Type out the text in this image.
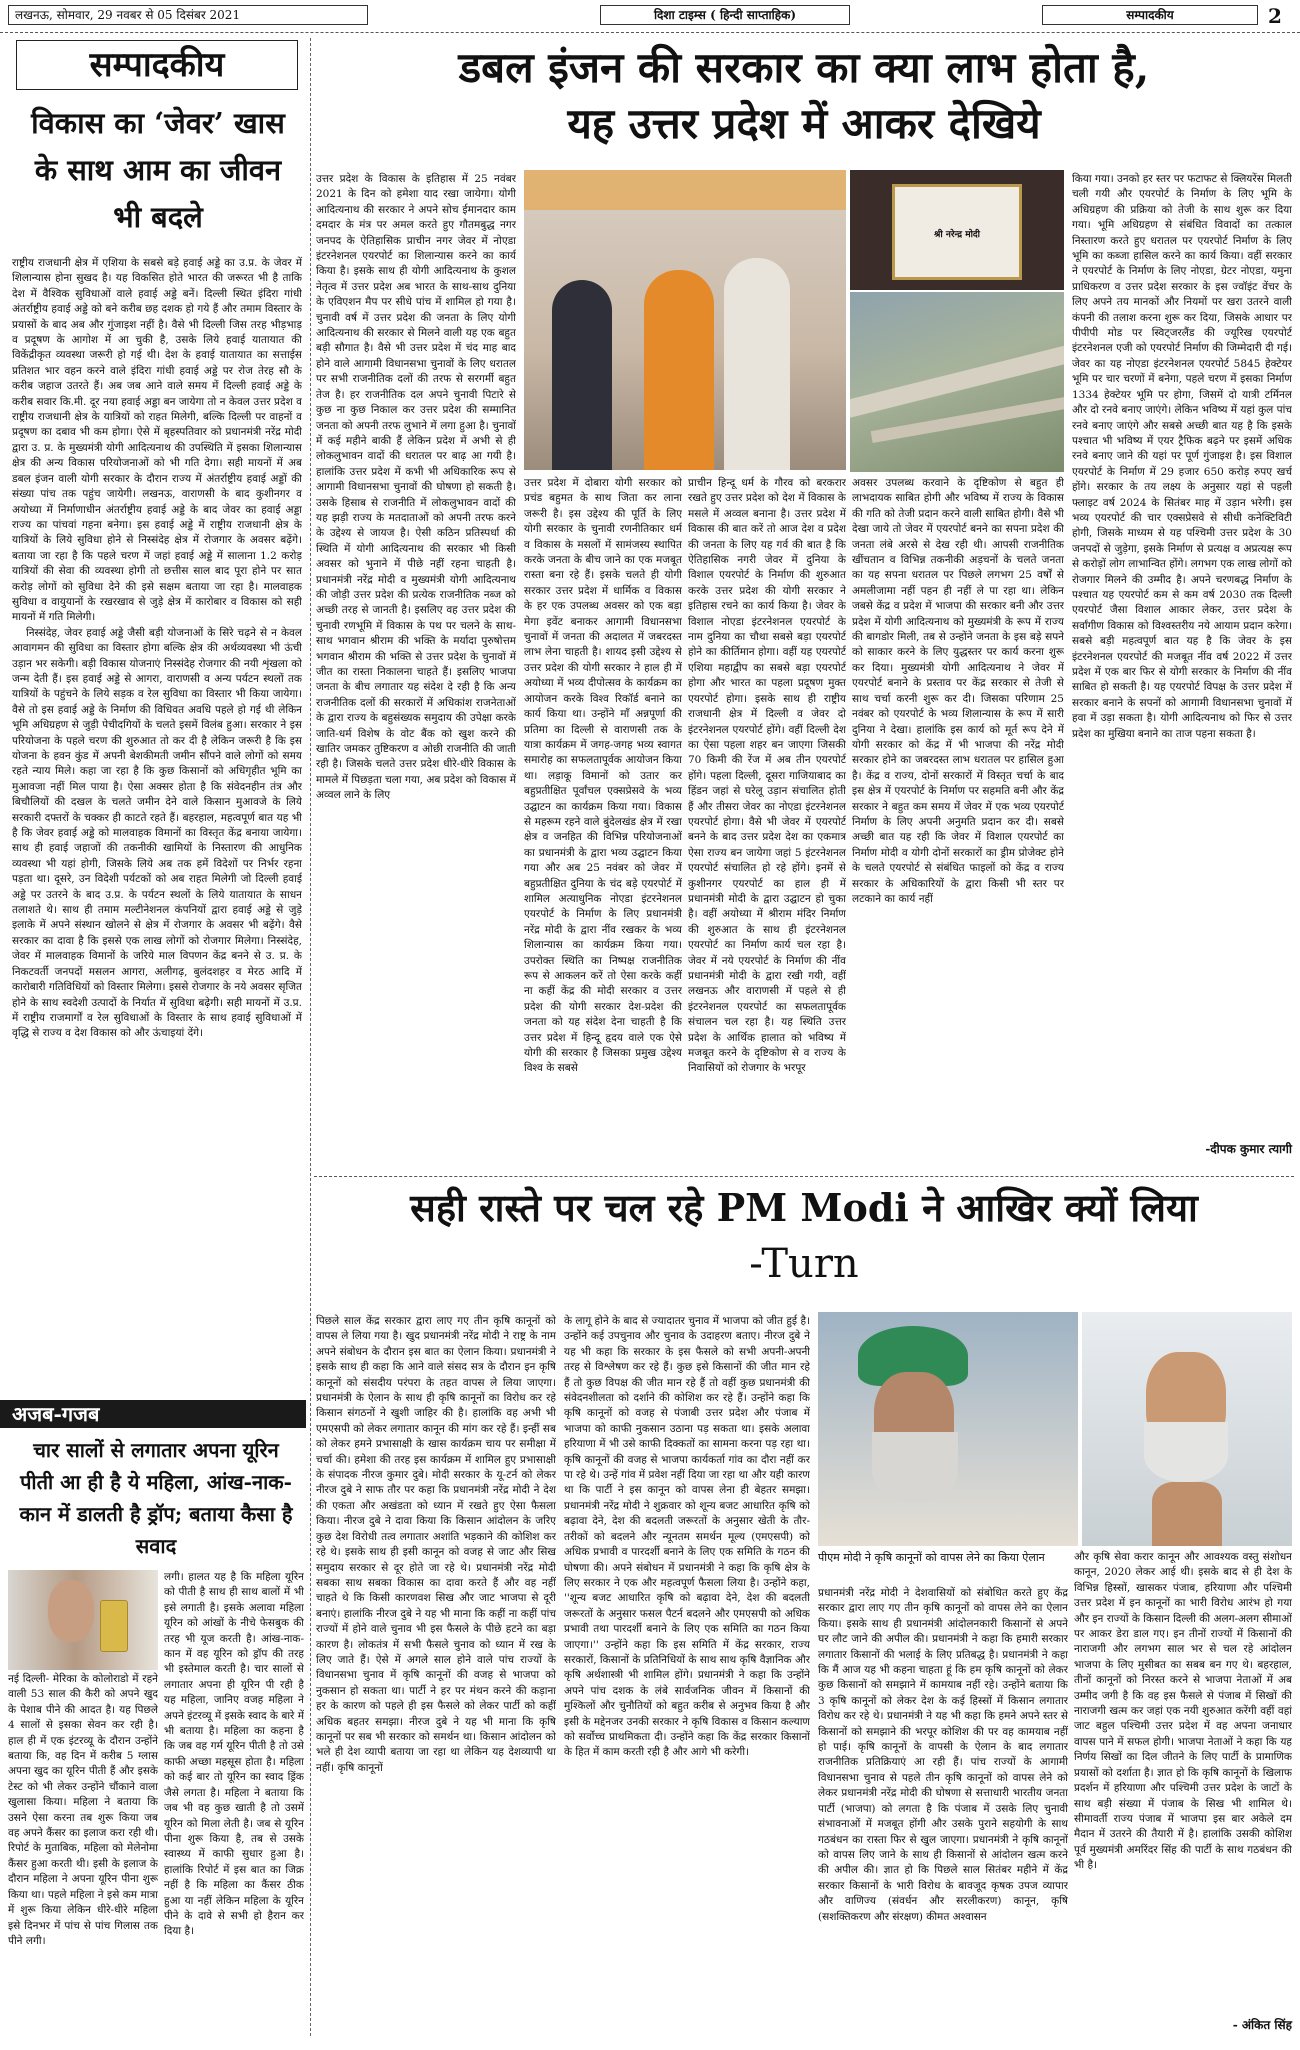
लखनऊ, सोमवार, 29 नवबर से 05 दिसंबर 2021	दिशा टाइम्स ( हिन्दी साप्ताहिक)	सम्पादकीय	2
सम्पादकीय
विकास का ‘जेवर’ खास के साथ आम का जीवन भी बदले

राष्ट्रीय राजधानी क्षेत्र में एशिया के सबसे बड़े हवाई अड्डे का उ.प्र. के जेवर में शिलान्यास होना सुखद है। यह विकसित होते भारत की जरूरत भी है ताकि देश में वैश्विक सुविधाओं वाले हवाई अड्डे बनें। दिल्ली स्थित इंदिरा गांधी अंतर्राष्ट्रीय हवाई अड्डे को बने करीब छह दशक हो गये हैं और तमाम विस्तार के प्रयासों के बाद अब और गुंजाइश नहीं है। वैसे भी दिल्ली जिस तरह भीड़भाड़ व प्रदूषण के आगोश में आ चुकी है, उसके लिये हवाई यातायात की विकेंद्रीकृत व्यवस्था जरूरी हो गई थी। देश के हवाई यातायात का सत्ताईस प्रतिशत भार वहन करने वाले इंदिरा गांधी हवाई अड्डे पर रोज तेरह सौ के करीब जहाज उतरते हैं। अब जब आने वाले समय में दिल्ली हवाई अड्डे के करीब सवार कि.मी. दूर नया हवाई अड्डा बन जायेगा तो न केवल उत्तर प्रदेश व राष्ट्रीय राजधानी क्षेत्र के यात्रियों को राहत मिलेगी, बल्कि दिल्ली पर वाहनों व प्रदूषण का दबाव भी कम होगा। ऐसे में बृहस्पतिवार को प्रधानमंत्री नरेंद्र मोदी द्वारा उ. प्र. के मुख्यमंत्री योगी आदित्यनाथ की उपस्थिति में इसका शिलान्यास क्षेत्र की अन्य विकास परियोजनाओं को भी गति देगा। सही मायनों में अब डबल इंजन वाली योगी सरकार के दौरान राज्य में अंतर्राष्ट्रीय हवाई अड्डों की संख्या पांच तक पहुंच जायेगी। लखनऊ, वाराणसी के बाद कुशीनगर व अयोध्या में निर्माणाधीन अंतर्राष्ट्रीय हवाई अड्डे के बाद जेवर का हवाई अड्डा राज्य का पांचवां गहना बनेगा। इस हवाई अड्डे में राष्ट्रीय राजधानी क्षेत्र के यात्रियों के लिये सुविधा होने से निस्संदेह क्षेत्र में रोजगार के अवसर बढ़ेंगे। बताया जा रहा है कि पहले चरण में जहां हवाई अड्डे में सालाना 1.2 करोड़ यात्रियों की सेवा की व्यवस्था होगी तो छत्तीस साल बाद पूरा होने पर सात करोड़ लोगों को सुविधा देने की इसे सक्षम बताया जा रहा है। मालवाहक सुविधा व वायुयानों के रखरखाव से जुड़े क्षेत्र में कारोबार व विकास को सही मायनों में गति मिलेगी।

निस्संदेह, जेवर हवाई अड्डे जैसी बड़ी योजनाओं के सिरे चढ़ने से न केवल आवागमन की सुविधा का विस्तार होगा बल्कि क्षेत्र की अर्थव्यवस्था भी ऊंची उड़ान भर सकेगी। बड़ी विकास योजनाएं निस्संदेह रोजगार की नयी शृंखला को जन्म देती हैं। इस हवाई अड्डे से आगरा, वाराणसी व अन्य पर्यटन स्थलों तक यात्रियों के पहुंचने के लिये सड़क व रेल सुविधा का विस्तार भी किया जायेगा। वैसे तो इस हवाई अड्डे के निर्माण की विधिवत अवधि पहले हो गई थी लेकिन भूमि अधिग्रहण से जुड़ी पेचीदगियों के चलते इसमें विलंब हुआ। सरकार ने इस परियोजना के पहले चरण की शुरुआत तो कर दी है लेकिन जरूरी है कि इस योजना के हवन कुंड में अपनी बेशकीमती जमीन सौंपने वाले लोगों को समय रहते न्याय मिले। कहा जा रहा है कि कुछ किसानों को अधिगृहीत भूमि का मुआवजा नहीं मिल पाया है। ऐसा अक्सर होता है कि संवेदनहीन तंत्र और बिचौलियों की दखल के चलते जमीन देने वाले किसान मुआवजे के लिये सरकारी दफ्तरों के चक्कर ही काटते रहते हैं। बहरहाल, महत्वपूर्ण बात यह भी है कि जेवर हवाई अड्डे को मालवाहक विमानों का विस्तृत केंद्र बनाया जायेगा। साथ ही हवाई जहाजों की तकनीकी खामियों के निस्तारण की आधुनिक व्यवस्था भी यहां होगी, जिसके लिये अब तक हमें विदेशों पर निर्भर रहना पड़ता था। दूसरे, उन विदेशी पर्यटकों को अब राहत मिलेगी जो दिल्ली हवाई अड्डे पर उतरने के बाद उ.प्र. के पर्यटन स्थलों के लिये यातायात के साधन तलाशते थे। साथ ही तमाम मल्टीनेशनल कंपनियों द्वारा हवाई अड्डे से जुड़े इलाके में अपने संस्थान खोलने से क्षेत्र में रोजगार के अवसर भी बढ़ेंगे। वैसे सरकार का दावा है कि इससे एक लाख लोगों को रोजगार मिलेगा। निस्संदेह, जेवर में मालवाहक विमानों के जरिये माल विपणन केंद्र बनने से उ. प्र. के निकटवर्ती जनपदों मसलन आगरा, अलीगढ़, बुलंदशहर व मेरठ आदि में कारोबारी गतिविधियों को विस्तार मिलेगा। इससे रोजगार के नये अवसर सृजित होने के साथ स्वदेशी उत्पादों के निर्यात में सुविधा बढ़ेगी। सही मायनों में उ.प्र. में राष्ट्रीय राजमार्गों व रेल सुविधाओं के विस्तार के साथ हवाई सुविधाओं में वृद्धि से राज्य व देश विकास को और ऊंचाइयां देंगे।

अजब-गजब
चार सालों से लगातार अपना यूरिन पीती आ ही है ये महिला, आंख-नाक-कान में डालती है ड्रॉप; बताया कैसा है सवाद
नई दिल्ली- मेरिका के कोलोराडो में रहने वाली 53 साल की कैरी को अपने खुद के पेशाब पीने की आदत है। यह पिछले 4 सालों से इसका सेवन कर रही है। हाल ही में एक इंटरव्यू के दौरान उन्होंने बताया कि, वह दिन में करीब 5 ग्लास अपना खुद का यूरिन पीती हैं और इसके टेस्ट को भी लेकर उन्होंने चौंकाने वाला खुलासा किया। महिला ने बताया कि उसने ऐसा करना तब शुरू किया जब वह अपने कैंसर का इलाज करा रही थी। रिपोर्ट के मुताबिक, महिला को मेलेनोमा कैंसर हुआ करती थी। इसी के इलाज के दौरान महिला ने अपना यूरिन पीना शुरू किया था। पहले महिला ने इसे कम मात्रा में शुरू किया लेकिन धीरे-धीरे महिला इसे दिनभर में पांच से पांच गिलास तक पीने लगी।
लगी। हालत यह है कि महिला यूरिन को पीती है साथ ही साथ बालों में भी इसे लगाती है। इसके अलावा महिला यूरिन को आंखों के नीचे फेसबुक की तरह भी यूज करती है। आंख-नाक-कान में वह यूरिन को ड्रॉप की तरह भी इस्तेमाल करती है। चार सालों से लगातार अपना ही यूरिन पी रही है यह महिला, जानिए वजह महिला ने अपने इंटरव्यू में इसके स्वाद के बारे में भी बताया है। महिला का कहना है कि जब वह गर्म यूरिन पीती है तो उसे काफी अच्छा महसूस होता है। महिला को कई बार तो यूरिन का स्वाद ड्रिंक जैसे लगता है। महिला ने बताया कि जब भी वह कुछ खाती है तो उसमें यूरिन को मिला लेती है। जब से यूरिन पीना शुरू किया है, तब से उसके स्वास्थ्य में काफी सुधार हुआ है। हालांकि रिपोर्ट में इस बात का जिक्र नहीं है कि महिला का कैंसर ठीक हुआ या नहीं लेकिन महिला के यूरिन पीने के दावे से सभी हो हैरान कर दिया है।
डबल इंजन की सरकार का क्या लाभ होता है,
यह उत्तर प्रदेश में आकर देखिये
श्री नरेन्द्र मोदी
उत्तर प्रदेश के विकास के इतिहास में 25 नवंबर 2021 के दिन को हमेशा याद रखा जायेगा। योगी आदित्यनाथ की सरकार ने अपने सोच ईमानदार काम दमदार के मंत्र पर अमल करते हुए गौतमबुद्ध नगर जनपद के ऐतिहासिक प्राचीन नगर जेवर में नोएडा इंटरनेशनल एयरपोर्ट का शिलान्यास करने का कार्य किया है। इसके साथ ही योगी आदित्यनाथ के कुशल नेतृत्व में उत्तर प्रदेश अब भारत के साथ-साथ दुनिया के एविएशन मैप पर सीधे पांच में शामिल हो गया है। चुनावी वर्ष में उत्तर प्रदेश की जनता के लिए योगी आदित्यनाथ की सरकार से मिलने वाली यह एक बहुत बड़ी सौगात है। वैसे भी उत्तर प्रदेश में चंद माह बाद होने वाले आगामी विधानसभा चुनावों के लिए धरातल पर सभी राजनीतिक दलों की तरफ से सरगर्मी बहुत तेज है। हर राजनीतिक दल अपने चुनावी पिटारे से कुछ ना कुछ निकाल कर उत्तर प्रदेश की सम्मानित जनता को अपनी तरफ लुभाने में लगा हुआ है। चुनावों में कई महीने बाकी हैं लेकिन प्रदेश में अभी से ही लोकलुभावन वादों की धरातल पर बाढ़ आ गयी है। हालांकि उत्तर प्रदेश में कभी भी अधिकारिक रूप से आगामी विधानसभा चुनावों की घोषणा हो सकती है। उसके हिसाब से राजनीति में लोकलुभावन वादों की यह झड़ी राज्य के मतदाताओं को अपनी तरफ करने के उद्देश्य से जायज है। ऐसी कठिन प्रतिस्पर्धा की स्थिति में योगी आदित्यनाथ की सरकार भी किसी अवसर को भुनाने में पीछे नहीं रहना चाहती है। प्रधानमंत्री नरेंद्र मोदी व मुख्यमंत्री योगी आदित्यनाथ की जोड़ी उत्तर प्रदेश की प्रत्येक राजनीतिक नब्ज को अच्छी तरह से जानती है। इसलिए वह उत्तर प्रदेश की चुनावी रणभूमि में विकास के पथ पर चलने के साथ-साथ भगवान श्रीराम की भक्ति के मर्यादा पुरुषोत्तम भगवान श्रीराम की भक्ति से उत्तर प्रदेश के चुनावों में जीत का रास्ता निकालना चाहते हैं। इसलिए भाजपा जनता के बीच लगातार यह संदेश दे रही है कि अन्य राजनीतिक दलों की सरकारों में अधिकांश राजनेताओं के द्वारा राज्य के बहुसंख्यक समुदाय की उपेक्षा करके जाति-धर्म विशेष के वोट बैंक को खुश करने की खातिर जमकर तुष्टिकरण व ओछी राजनीति की जाती रही है। जिसके चलते उत्तर प्रदेश धीरे-धीरे विकास के मामले में पिछड़ता चला गया, अब प्रदेश को विकास में अव्वल लाने के लिए
उत्तर प्रदेश में दोबारा योगी सरकार को प्रचंड बहुमत के साथ जिता कर लाना जरूरी है। इस उद्देश्य की पूर्ति के लिए योगी सरकार के चुनावी रणनीतिकार धर्म व विकास के मसलों में सामंजस्य स्थापित करके जनता के बीच जाने का एक मजबूत रास्ता बना रहे हैं। इसके चलते ही योगी सरकार उत्तर प्रदेश में धार्मिक व विकास के हर एक उपलब्ध अवसर को एक बड़ा मेगा इवेंट बनाकर आगामी विधानसभा चुनावों में जनता की अदालत में जबरदस्त लाभ लेना चाहती है। शायद इसी उद्देश्य से उत्तर प्रदेश की योगी सरकार ने हाल ही में अयोध्या में भव्य दीपोत्सव के कार्यक्रम का आयोजन करके विश्व रिकॉर्ड बनाने का कार्य किया था। उन्होंने माँ अन्नपूर्णा की प्रतिमा का दिल्ली से वाराणसी तक के यात्रा कार्यक्रम में जगह-जगह भव्य स्वागत समारोह का सफलतापूर्वक आयोजन किया था। लड़ाकू विमानों को उतार कर बहुप्रतीक्षित पूर्वांचल एक्सप्रेसवे के भव्य उद्घाटन का कार्यक्रम किया गया। विकास से महरूम रहने वाले बुंदेलखंड क्षेत्र में रखा क्षेत्र व जनहित की विभिन्न परियोजनाओं का प्रधानमंत्री के द्वारा भव्य उद्घाटन किया गया और अब 25 नवंबर को जेवर में बहुप्रतीक्षित दुनिया के चंद बड़े एयरपोर्ट में शामिल अत्याधुनिक नोएडा इंटरनेशनल एयरपोर्ट के निर्माण के लिए प्रधानमंत्री नरेंद्र मोदी के द्वारा नींव रखकर के भव्य शिलान्यास का कार्यक्रम किया गया। उपरोक्त स्थिति का निष्पक्ष राजनीतिक रूप से आकलन करें तो ऐसा करके कहीं ना कहीं केंद्र की मोदी सरकार व उत्तर प्रदेश की योगी सरकार देश-प्रदेश की जनता को यह संदेश देना चाहती है कि उत्तर प्रदेश में हिन्दू हृदय वाले एक ऐसे योगी की सरकार है जिसका प्रमुख उद्देश्य विश्व के सबसे
प्राचीन हिन्दू धर्म के गौरव को बरकरार रखते हुए उत्तर प्रदेश को देश में विकास के मसले में अव्वल बनाना है। उत्तर प्रदेश में विकास की बात करें तो आज देश व प्रदेश की जनता के लिए यह गर्व की बात है कि ऐतिहासिक नगरी जेवर में दुनिया के विशाल एयरपोर्ट के निर्माण की शुरुआत करके उत्तर प्रदेश की योगी सरकार ने इतिहास रचने का कार्य किया है। जेवर के विशाल नोएडा इंटरनेशनल एयरपोर्ट के नाम दुनिया का चौथा सबसे बड़ा एयरपोर्ट होने का कीर्तिमान होगा। वहीं यह एयरपोर्ट एशिया महाद्वीप का सबसे बड़ा एयरपोर्ट होगा और भारत का पहला प्रदूषण मुक्त एयरपोर्ट होगा। इसके साथ ही राष्ट्रीय राजधानी क्षेत्र में दिल्ली व जेवर दो इंटरनेशनल एयरपोर्ट होंगे। वहीं दिल्ली देश का ऐसा पहला शहर बन जाएगा जिसकी 70 किमी की रेंज में अब तीन एयरपोर्ट होंगे। पहला दिल्ली, दूसरा गाजियाबाद का हिंडन जहां से घरेलू उड़ान संचालित होती हैं और तीसरा जेवर का नोएडा इंटरनेशनल एयरपोर्ट होगा। वैसे भी जेवर में एयरपोर्ट बनने के बाद उत्तर प्रदेश देश का एकमात्र ऐसा राज्य बन जायेगा जहां 5 इंटरनेशनल एयरपोर्ट संचालित हो रहे होंगे। इनमें से कुशीनगर एयरपोर्ट का हाल ही में प्रधानमंत्री मोदी के द्वारा उद्घाटन हो चुका है। वहीं अयोध्या में श्रीराम मंदिर निर्माण की शुरुआत के साथ ही इंटरनेशनल एयरपोर्ट का निर्माण कार्य चल रहा है। जेवर में नये एयरपोर्ट के निर्माण की नींव प्रधानमंत्री मोदी के द्वारा रखी गयी, वहीं लखनऊ और वाराणसी में पहले से ही इंटरनेशनल एयरपोर्ट का सफलतापूर्वक संचालन चल रहा है। यह स्थिति उत्तर प्रदेश के आर्थिक हालात को भविष्य में मजबूत करने के दृष्टिकोण से व राज्य के निवासियों को रोजगार के भरपूर
अवसर उपलब्ध करवाने के दृष्टिकोण से बहुत ही लाभदायक साबित होगी और भविष्य में राज्य के विकास की गति को तेजी प्रदान करने वाली साबित होगी। वैसे भी देखा जाये तो जेवर में एयरपोर्ट बनने का सपना प्रदेश की जनता लंबे अरसे से देख रही थी। आपसी राजनीतिक खींचतान व विभिन्न तकनीकी अड़चनों के चलते जनता का यह सपना धरातल पर पिछले लगभग 25 वर्षों से अमलीजामा नहीं पहन ही नहीं ले पा रहा था। लेकिन जबसे केंद्र व प्रदेश में भाजपा की सरकार बनी और उत्तर प्रदेश में योगी आदित्यनाथ को मुख्यमंत्री के रूप में राज्य की बागडोर मिली, तब से उन्होंने जनता के इस बड़े सपने को साकार करने के लिए युद्धस्तर पर कार्य करना शुरू कर दिया। मुख्यमंत्री योगी आदित्यनाथ ने जेवर में एयरपोर्ट बनाने के प्रस्ताव पर केंद्र सरकार से तेजी से साथ चर्चा करनी शुरू कर दी। जिसका परिणाम 25 नवंबर को एयरपोर्ट के भव्य शिलान्यास के रूप में सारी दुनिया ने देखा। हालांकि इस कार्य को मूर्त रूप देने में योगी सरकार को केंद्र में भी भाजपा की नरेंद्र मोदी सरकार होने का जबरदस्त लाभ धरातल पर हासिल हुआ है। केंद्र व राज्य, दोनों सरकारों में विस्तृत चर्चा के बाद इस क्षेत्र में एयरपोर्ट के निर्माण पर सहमति बनी और केंद्र सरकार ने बहुत कम समय में जेवर में एक भव्य एयरपोर्ट निर्माण के लिए अपनी अनुमति प्रदान कर दी। सबसे अच्छी बात यह रही कि जेवर में विशाल एयरपोर्ट का निर्माण मोदी व योगी दोनों सरकारों का ड्रीम प्रोजेक्ट होने के चलते एयरपोर्ट से संबंधित फाइलों को केंद्र व राज्य सरकार के अधिकारियों के द्वारा किसी भी स्तर पर लटकाने का कार्य नहीं
किया गया। उनको हर स्तर पर फटाफट से क्लियरेंस मिलती चली गयी और एयरपोर्ट के निर्माण के लिए भूमि के अधिग्रहण की प्रक्रिया को तेजी के साथ शुरू कर दिया गया। भूमि अधिग्रहण से संबंधित विवादों का तत्काल निस्तारण करते हुए धरातल पर एयरपोर्ट निर्माण के लिए भूमि का कब्जा हासिल करने का कार्य किया। वहीं सरकार ने एयरपोर्ट के निर्माण के लिए नोएडा, ग्रेटर नोएडा, यमुना प्राधिकरण व उत्तर प्रदेश सरकार के इस ज्वॉइंट वेंचर के लिए अपने तय मानकों और नियमों पर खरा उतरने वाली कंपनी की तलाश करना शुरू कर दिया, जिसके आधार पर पीपीपी मोड पर स्विट्जरलैंड की ज्यूरिख एयरपोर्ट इंटरनेशनल एजी को एयरपोर्ट निर्माण की जिम्मेदारी दी गई। जेवर का यह नोएडा इंटरनेशनल एयरपोर्ट 5845 हेक्टेयर भूमि पर चार चरणों में बनेगा, पहले चरण में इसका निर्माण 1334 हेक्टेयर भूमि पर होगा, जिसमें दो यात्री टर्मिनल और दो रनवे बनाए जाएंगे। लेकिन भविष्य में यहां कुल पांच रनवे बनाए जाएंगे और सबसे अच्छी बात यह है कि इसके पश्चात भी भविष्य में एयर ट्रैफिक बढ़ने पर इसमें अधिक रनवे बनाए जाने की यहां पर पूर्ण गुंजाइश है। इस विशाल एयरपोर्ट के निर्माण में 29 हजार 650 करोड़ रुपए खर्च होंगे। सरकार के तय लक्ष्य के अनुसार यहां से पहली फ्लाइट वर्ष 2024 के सितंबर माह में उड़ान भरेगी। इस भव्य एयरपोर्ट की चार एक्सप्रेसवे से सीधी कनेक्टिविटी होगी, जिसके माध्यम से यह पश्चिमी उत्तर प्रदेश के 30 जनपदों से जुड़ेगा, इसके निर्माण से प्रत्यक्ष व अप्रत्यक्ष रूप से करोड़ों लोग लाभान्वित होंगे। लगभग एक लाख लोगों को रोजगार मिलने की उम्मीद है। अपने चरणबद्ध निर्माण के पश्चात यह एयरपोर्ट कम से कम वर्ष 2030 तक दिल्ली एयरपोर्ट जैसा विशाल आकार लेकर, उत्तर प्रदेश के सर्वांगीण विकास को विश्वस्तरीय नये आयाम प्रदान करेगा। सबसे बड़ी महत्वपूर्ण बात यह है कि जेवर के इस इंटरनेशनल एयरपोर्ट की मजबूत नींव वर्ष 2022 में उत्तर प्रदेश में एक बार फिर से योगी सरकार के निर्माण की नींव साबित हो सकती है। यह एयरपोर्ट विपक्ष के उत्तर प्रदेश में सरकार बनाने के सपनों को आगामी विधानसभा चुनावों में हवा में उड़ा सकता है। योगी आदित्यनाथ को फिर से उत्तर प्रदेश का मुखिया बनाने का ताज पहना सकता है।
-दीपक कुमार त्यागी
सही रास्ते पर चल रहे PM Modi ने आखिर क्यों लिया
-Turn
पिछले साल केंद्र सरकार द्वारा लाए गए तीन कृषि कानूनों को वापस ले लिया गया है। खुद प्रधानमंत्री नरेंद्र मोदी ने राष्ट्र के नाम अपने संबोधन के दौरान इस बात का ऐलान किया। प्रधानमंत्री ने इसके साथ ही कहा कि आने वाले संसद सत्र के दौरान इन कृषि कानूनों को संसदीय परंपरा के तहत वापस ले लिया जाएगा। प्रधानमंत्री के ऐलान के साथ ही कृषि कानूनों का विरोध कर रहे किसान संगठनों ने खुशी जाहिर की है। हालांकि वह अभी भी एमएसपी को लेकर लगातार कानून की मांग कर रहे हैं। इन्हीं सब को लेकर हमने प्रभासाक्षी के खास कार्यक्रम चाय पर समीक्षा में चर्चा की। हमेशा की तरह इस कार्यक्रम में शामिल हुए प्रभासाक्षी के संपादक नीरज कुमार दुबे। मोदी सरकार के यू-टर्न को लेकर नीरज दुबे ने साफ तौर पर कहा कि प्रधानमंत्री नरेंद्र मोदी ने देश की एकता और अखंडता को ध्यान में रखते हुए ऐसा फैसला किया। नीरज दुबे ने दावा किया कि किसान आंदोलन के जरिए कुछ देश विरोधी तत्व लगातार अशांति भड़काने की कोशिश कर रहे थे। इसके साथ ही इसी कानून को वजह से जाट और सिख समुदाय सरकार से दूर होते जा रहे थे। प्रधानमंत्री नरेंद्र मोदी सबका साथ सबका विकास का दावा करते हैं और वह नहीं चाहते थे कि किसी कारणवश सिख और जाट भाजपा से दूरी बनाएं। हालांकि नीरज दुबे ने यह भी माना कि कहीं ना कहीं पांच राज्यों में होने वाले चुनाव भी इस फैसले के पीछे हटने का बड़ा कारण है। लोकतंत्र में सभी फैसले चुनाव को ध्यान में रख के लिए जाते हैं। ऐसे में अगले साल होने वाले पांच राज्यों के विधानसभा चुनाव में कृषि कानूनों की वजह से भाजपा को नुकसान हो सकता था। पार्टी ने हर पर मंथन करने की कड़ाना हर के कारण को पहले ही इस फैसले को लेकर पार्टी को कहीं अधिक बहतर समझा। नीरज दुबे ने यह भी माना कि कृषि कानूनों पर सब भी सरकार को समर्थन था। किसान आंदोलन को भले ही देश व्यापी बताया जा रहा था लेकिन यह देशव्यापी था नहीं। कृषि कानूनों
के लागू होने के बाद से ज्यादातर चुनाव में भाजपा को जीत हुई है। उन्होंने कई उपचुनाव और चुनाव के उदाहरण बताए। नीरज दुबे ने यह भी कहा कि सरकार के इस फैसले को सभी अपनी-अपनी तरह से विश्लेषण कर रहे हैं। कुछ इसे किसानों की जीत मान रहे हैं तो कुछ विपक्ष की जीत मान रहे हैं तो वहीं कुछ प्रधानमंत्री की संवेदनशीलता को दर्शाने की कोशिश कर रहे हैं। उन्होंने कहा कि कृषि कानूनों को वजह से पंजाबी उत्तर प्रदेश और पंजाब में भाजपा को काफी नुकसान उठाना पड़ सकता था। इसके अलावा हरियाणा में भी उसे काफी दिक्कतों का सामना करना पड़ रहा था। कृषि कानूनों की वजह से भाजपा कार्यकर्ता गांव का दौरा नहीं कर पा रहे थे। उन्हें गांव में प्रवेश नहीं दिया जा रहा था और यही कारण था कि पार्टी ने इस कानून को वापस लेना ही बेहतर समझा। प्रधानमंत्री नरेंद्र मोदी ने शुक्रवार को शून्य बजट आधारित कृषि को बढ़ावा देने, देश की बदलती जरूरतों के अनुसार खेती के तौर-तरीकों को बदलने और न्यूनतम समर्थन मूल्य (एमएसपी) को अधिक प्रभावी व पारदर्शी बनाने के लिए एक समिति के गठन की घोषणा की। अपने संबोधन में प्रधानमंत्री ने कहा कि कृषि क्षेत्र के लिए सरकार ने एक और महत्वपूर्ण फैसला लिया है। उन्होंने कहा, ''शून्य बजट आधारित कृषि को बढ़ावा देने, देश की बदलती जरूरतों के अनुसार फसल पैटर्न बदलने और एमएसपी को अधिक प्रभावी तथा पारदर्शी बनाने के लिए एक समिति का गठन किया जाएगा।'' उन्होंने कहा कि इस समिति में केंद्र सरकार, राज्य सरकारों, किसानों के प्रतिनिधियों के साथ साथ कृषि वैज्ञानिक और कृषि अर्थशास्त्री भी शामिल होंगे। प्रधानमंत्री ने कहा कि उन्होंने अपने पांच दशक के लंबे सार्वजनिक जीवन में किसानों की मुश्किलों और चुनौतियों को बहुत करीब से अनुभव किया है और इसी के मद्देनजर उनकी सरकार ने कृषि विकास व किसान कल्याण को सर्वोच्च प्राथमिकता दी। उन्होंने कहा कि केंद्र सरकार किसानों के हित में काम करती रही है और आगे भी करेगी।
पीएम मोदी ने कृषि कानूनों को वापस लेने का किया ऐलान
प्रधानमंत्री नरेंद्र मोदी ने देशवासियों को संबोधित करते हुए केंद्र सरकार द्वारा लाए गए तीन कृषि कानूनों को वापस लेने का ऐलान किया। इसके साथ ही प्रधानमंत्री आंदोलनकारी किसानों से अपने घर लौट जाने की अपील की। प्रधानमंत्री ने कहा कि हमारी सरकार लगातार किसानों की भलाई के लिए प्रतिबद्ध है। प्रधानमंत्री ने कहा कि मैं आज यह भी कहना चाहता हूं कि हम कृषि कानूनों को लेकर कुछ किसानों को समझाने में कामयाब नहीं रहे। उन्होंने बताया कि 3 कृषि कानूनों को लेकर देश के कई हिस्सों में किसान लगातार विरोध कर रहे थे। प्रधानमंत्री ने यह भी कहा कि हमने अपने स्तर से किसानों को समझाने की भरपूर कोशिश की पर वह कामयाब नहीं हो पाई। कृषि कानूनों के वापसी के ऐलान के बाद लगातार राजनीतिक प्रतिक्रियाएं आ रही हैं। पांच राज्यों के आगामी विधानसभा चुनाव से पहले तीन कृषि कानूनों को वापस लेने को लेकर प्रधानमंत्री नरेंद्र मोदी की घोषणा से सत्ताधारी भारतीय जनता पार्टी (भाजपा) को लगता है कि पंजाब में उसके लिए चुनावी संभावनाओं में मजबूत होंगी और उसके पुराने सहयोगी के साथ गठबंधन का रास्ता फिर से खुल जाएगा। प्रधानमंत्री ने कृषि कानूनों को वापस लिए जाने के साथ ही किसानों से आंदोलन खत्म करने की अपील की। ज्ञात हो कि पिछले साल सितंबर महीने में केंद्र सरकार किसानों के भारी विरोध के बावजूद कृषक उपज व्यापार और वाणिज्य (संवर्धन और सरलीकरण) कानून, कृषि (सशक्तिकरण और संरक्षण) कीमत अश्वासन
और कृषि सेवा करार कानून और आवश्यक वस्तु संशोधन कानून, 2020 लेकर आई थी। इसके बाद से ही देश के विभिन्न हिस्सों, खासकर पंजाब, हरियाणा और पश्चिमी उत्तर प्रदेश में इन कानूनों का भारी विरोध आरंभ हो गया और इन राज्यों के किसान दिल्ली की अलग-अलग सीमाओं पर आकर डेरा डाल गए। इन तीनों राज्यों में किसानों की नाराजगी और लगभग साल भर से चल रहे आंदोलन भाजपा के लिए मुसीबत का सबब बन गए थे। बहरहाल, तीनों कानूनों को निरस्त करने से भाजपा नेताओं में अब उम्मीद जगी है कि वह इस फैसले से पंजाब में सिखों की नाराजगी खत्म कर जहां एक नयी शुरुआत करेंगी वहीं वहां जाट बहुल पश्चिमी उत्तर प्रदेश में वह अपना जनाधार वापस पाने में सफल होगी। भाजपा नेताओं ने कहा कि यह निर्णय सिखों का दिल जीतने के लिए पार्टी के प्रामाणिक प्रयासों को दर्शाता है। ज्ञात हो कि कृषि कानूनों के खिलाफ प्रदर्शन में हरियाणा और पश्चिमी उत्तर प्रदेश के जाटों के साथ बड़ी संख्या में पंजाब के सिख भी शामिल थे। सीमावर्ती राज्य पंजाब में भाजपा इस बार अकेले दम मैदान में उतरने की तैयारी में है। हालांकि उसकी कोशिश पूर्व मुख्यमंत्री अमरिंदर सिंह की पार्टी के साथ गठबंधन की भी है।
- अंकित सिंह
